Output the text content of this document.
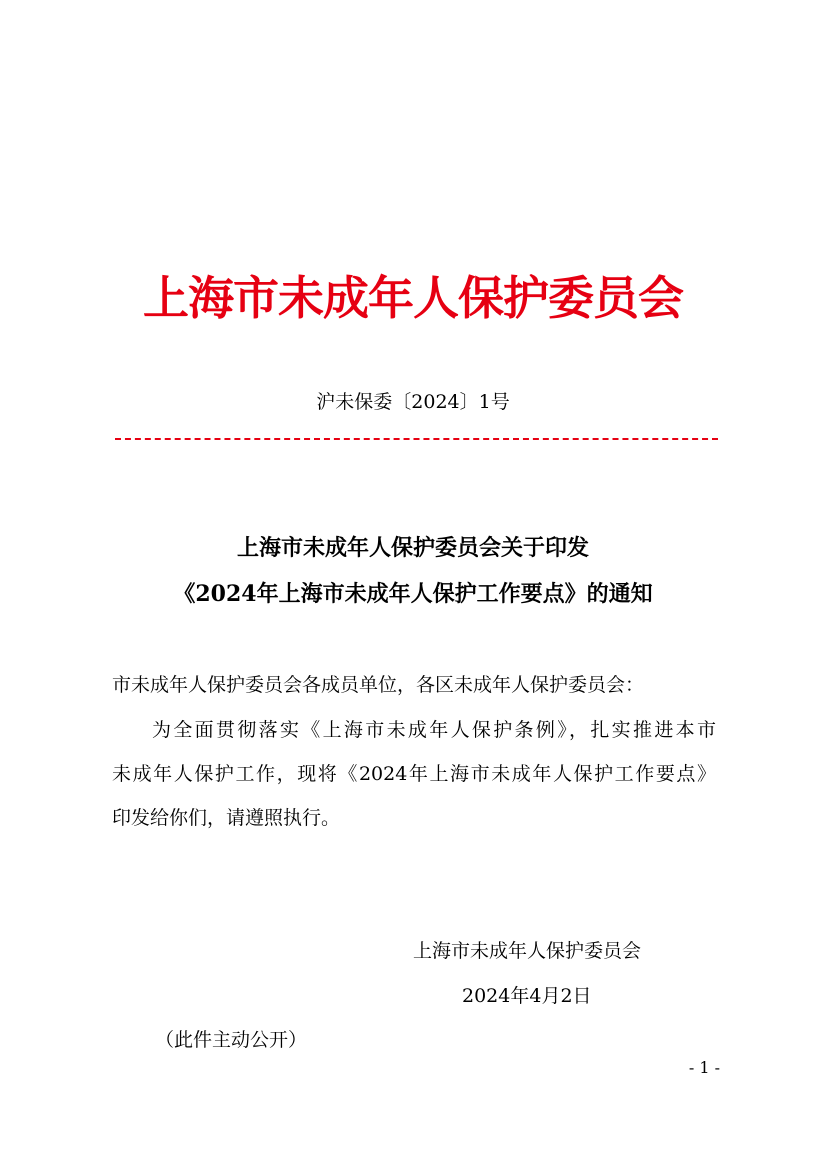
上海市未成年人保护委员会
沪未保委〔2024〕1号
上海市未成年人保护委员会关于印发
《2024年上海市未成年人保护工作要点》的通知
市未成年人保护委员会各成员单位，各区未成年人保护委员会：
为全面贯彻落实《上海市未成年人保护条例》，扎实推进本市
未成年人保护工作，现将《2024年上海市未成年人保护工作要点》
印发给你们，请遵照执行。
上海市未成年人保护委员会
2024年4月2日
（此件主动公开）
- 1 -
